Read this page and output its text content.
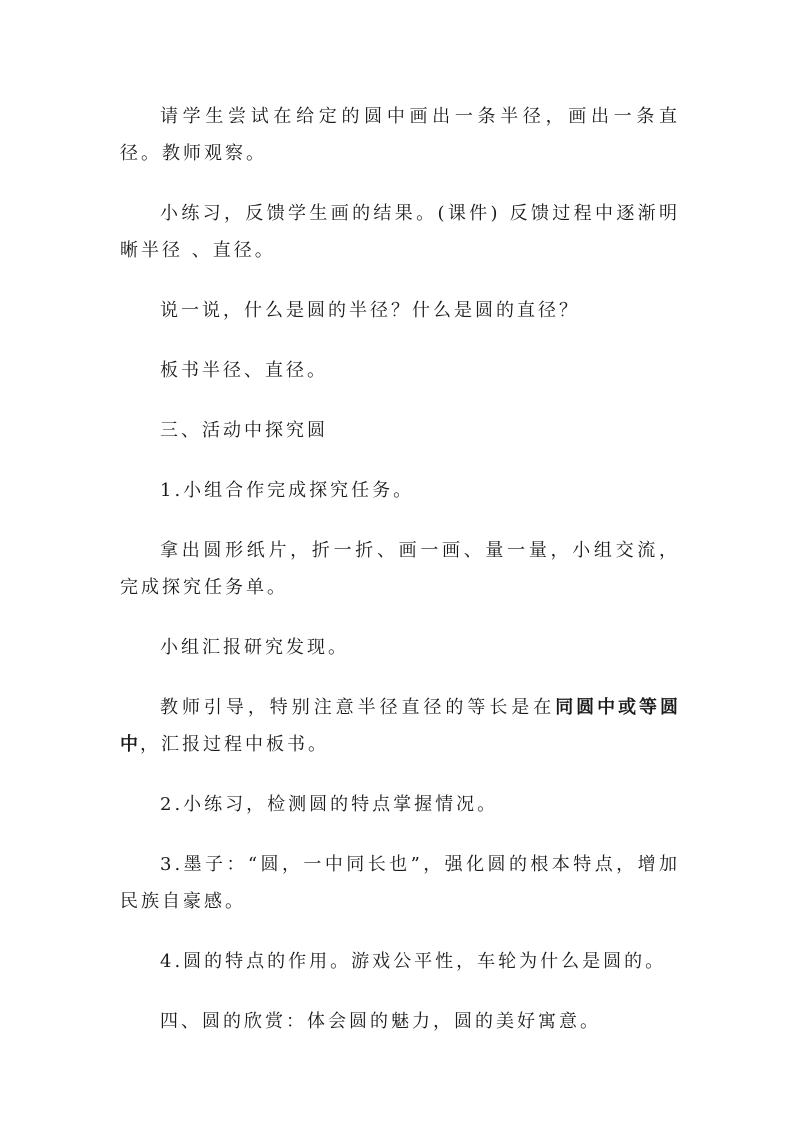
请学生尝试在给定的圆中画出一条半径，画出一条直径。教师观察。

小练习，反馈学生画的结果。(课件) 反馈过程中逐渐明晰半径 、直径。

说一说，什么是圆的半径？什么是圆的直径？

板书半径、直径。

三、活动中探究圆

1.小组合作完成探究任务。

拿出圆形纸片，折一折、画一画、量一量，小组交流，完成探究任务单。

小组汇报研究发现。

教师引导，特别注意半径直径的等长是在同圆中或等圆中，汇报过程中板书。

2.小练习，检测圆的特点掌握情况。

3.墨子：“圆，一中同长也”，强化圆的根本特点，增加民族自豪感。

4.圆的特点的作用。游戏公平性，车轮为什么是圆的。

四、圆的欣赏：体会圆的魅力，圆的美好寓意。
